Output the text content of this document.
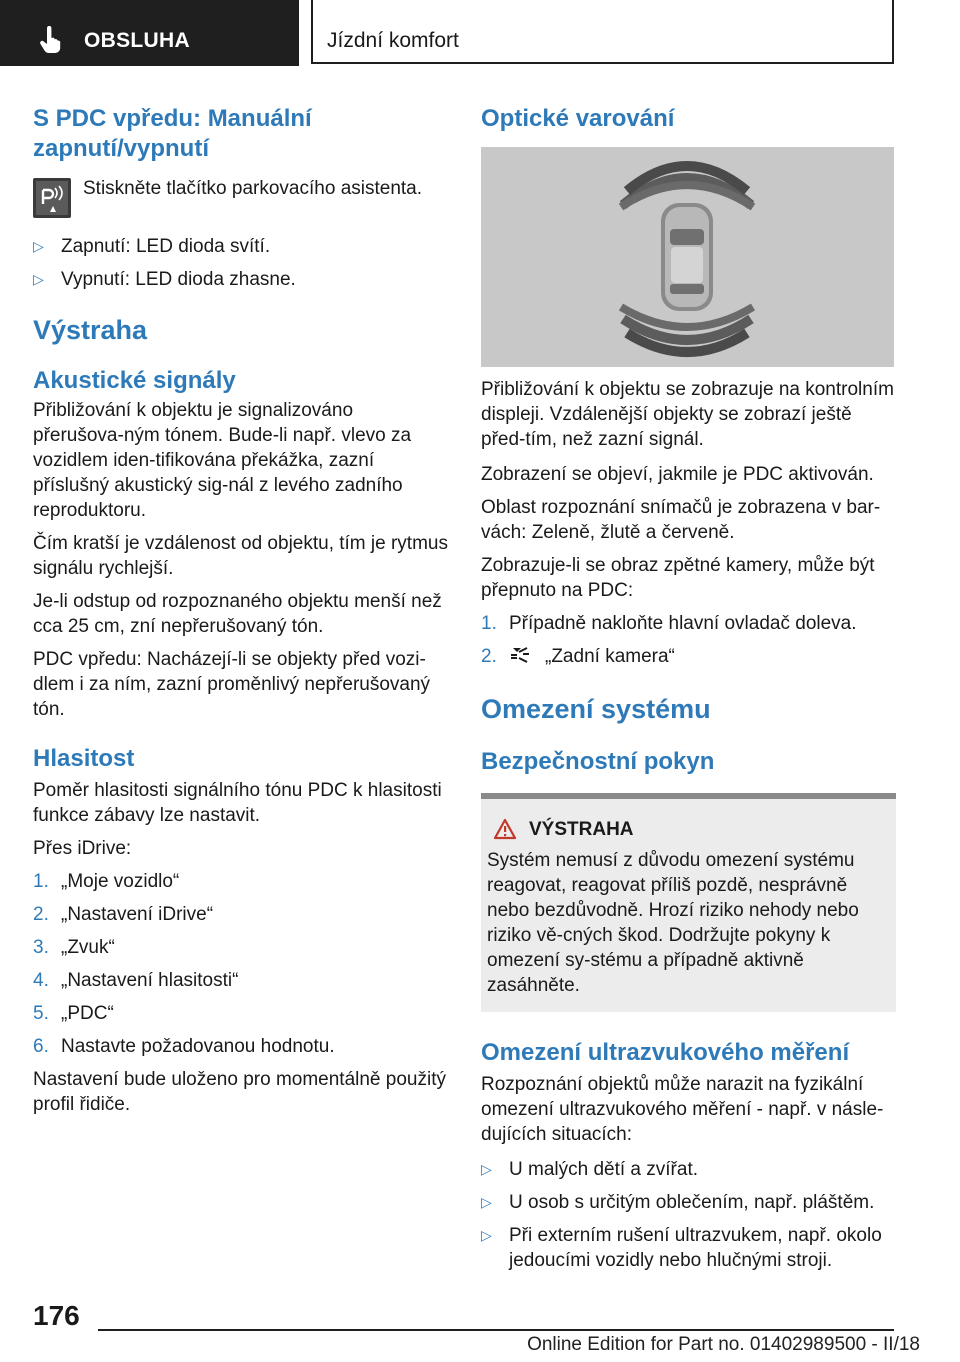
OBSLUHA	Jízdní komfort

S PDC vpředu: Manuální zapnutí/vypnutí

Stiskněte tlačítko parkovacího asistenta.

▷ Zapnutí: LED dioda svítí.
▷ Vypnutí: LED dioda zhasne.

Výstraha

Akustické signály

Přibližování k objektu je signalizováno přerušova-ným tónem. Bude-li např. vlevo za vozidlem iden-tifikována překážka, zazní příslušný akustický sig-nál z levého zadního reproduktoru.

Čím kratší je vzdálenost od objektu, tím je rytmus signálu rychlejší.

Je-li odstup od rozpoznaného objektu menší než cca 25 cm, zní nepřerušovaný tón.

PDC vpředu: Nacházejí-li se objekty před vozi-dlem i za ním, zazní proměnlivý nepřerušovaný tón.

Hlasitost

Poměr hlasitosti signálního tónu PDC k hlasitosti funkce zábavy lze nastavit.

Přes iDrive:

1. „Moje vozidlo“
2. „Nastavení iDrive“
3. „Zvuk“
4. „Nastavení hlasitosti“
5. „PDC“
6. Nastavte požadovanou hodnotu.

Nastavení bude uloženo pro momentálně použitý profil řidiče.

Optické varování

Přibližování k objektu se zobrazuje na kontrolním displeji. Vzdálenější objekty se zobrazí ještě před-tím, než zazní signál.

Zobrazení se objeví, jakmile je PDC aktivován.

Oblast rozpoznání snímačů je zobrazena v bar-vách: Zeleně, žlutě a červeně.

Zobrazuje-li se obraz zpětné kamery, může být přepnuto na PDC:

1. Případně nakloňte hlavní ovladač doleva.
2.	„Zadní kamera“

Omezení systému

Bezpečnostní pokyn

VÝSTRAHA

Systém nemusí z důvodu omezení systému reagovat, reagovat příliš pozdě, nesprávně nebo bezdůvodně. Hrozí riziko nehody nebo riziko vě-cných škod. Dodržujte pokyny k omezení sy-stému a případně aktivně zasáhněte.

Omezení ultrazvukového měření

Rozpoznání objektů může narazit na fyzikální omezení ultrazvukového měření - např. v násle-dujících situacích:

▷ U malých dětí a zvířat.
▷ U osob s určitým oblečením, např. pláštěm.
▷ Při externím rušení ultrazvukem, např. okolo jedoucími vozidly nebo hlučnými stroji.
176
Online Edition for Part no. 01402989500 - II/18
